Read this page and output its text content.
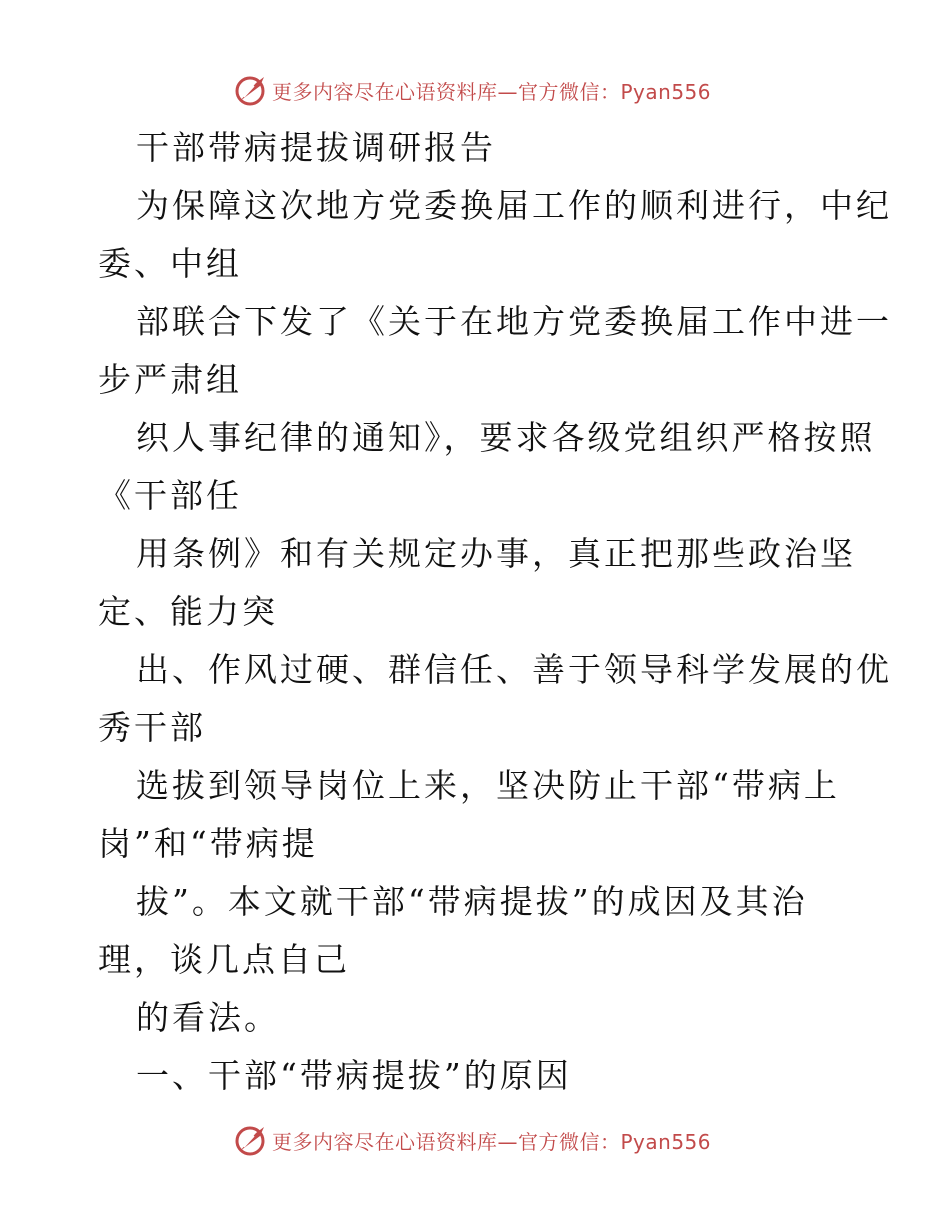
更多内容尽在心语资料库—官方微信：Pyan556
干部带病提拔调研报告
为保障这次地方党委换届工作的顺利进行，中纪
委、中组
部联合下发了《关于在地方党委换届工作中进一
步严肃组
织人事纪律的通知》，要求各级党组织严格按照
《干部任
用条例》和有关规定办事，真正把那些政治坚
定、能力突
出、作风过硬、群信任、善于领导科学发展的优
秀干部
选拔到领导岗位上来，坚决防止干部“带病上
岗”和“带病提
拔”。本文就干部“带病提拔”的成因及其治
理，谈几点自己
的看法。
一、干部“带病提拔”的原因
更多内容尽在心语资料库—官方微信：Pyan556
